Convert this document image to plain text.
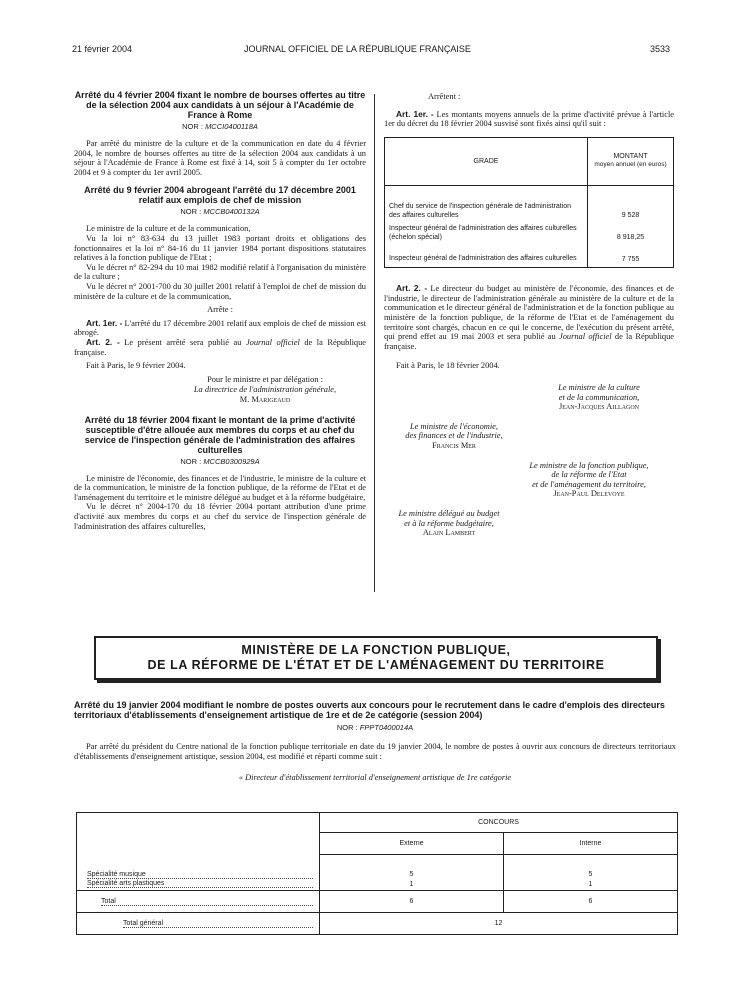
21 février 2004	JOURNAL OFFICIEL DE LA RÉPUBLIQUE FRANÇAISE	3533
Arrêté du 4 février 2004 fixant le nombre de bourses offertes au titre de la sélection 2004 aux candidats à un séjour à l'Académie de France à Rome
NOR : MCCI0400118A

Par arrêté du ministre de la culture et de la communication en date du 4 février 2004, le nombre de bourses offertes au titre de la sélection 2004 aux candidats à un séjour à l'Académie de France à Rome est fixé à 14, soit 5 à compter du 1er octobre 2004 et 9 à compter du 1er avril 2005.

Arrêté du 9 février 2004 abrogeant l'arrêté du 17 décembre 2001 relatif aux emplois de chef de mission
NOR : MCCB0400132A

Le ministre de la culture et de la communication,

Vu la loi n° 83-634 du 13 juillet 1983 portant droits et obligations des fonctionnaires et la loi n° 84-16 du 11 janvier 1984 portant dispositions statutaires relatives à la fonction publique de l'Etat ;

Vu le décret n° 82-294 du 10 mai 1982 modifié relatif à l'organisation du ministère de la culture ;

Vu le décret n° 2001-700 du 30 juillet 2001 relatif à l'emploi de chef de mission du ministère de la culture et de la communication,

Arrête :

Art. 1er. - L'arrêté du 17 décembre 2001 relatif aux emplois de chef de mission est abrogé.

Art. 2. - Le présent arrêté sera publié au Journal officiel de la République française.

Fait à Paris, le 9 février 2004.

Pour le ministre et par délégation :
La directrice de l'administration générale,
M. Marigeaud
Arrêté du 18 février 2004 fixant le montant de la prime d'activité susceptible d'être allouée aux membres du corps et au chef du service de l'inspection générale de l'administration des affaires culturelles
NOR : MCCB0300929A

Le ministre de l'économie, des finances et de l'industrie, le ministre de la culture et de la communication, le ministre de la fonction publique, de la réforme de l'Etat et de l'aménagement du territoire et le ministre délégué au budget et à la réforme budgétaire,

Vu le décret n° 2004-170 du 18 février 2004 portant attribution d'une prime d'activité aux membres du corps et au chef du service de l'inspection générale de l'administration des affaires culturelles,

Arrêtent :

Art. 1er. - Les montants moyens annuels de la prime d'activité prévue à l'article 1er du décret du 18 février 2004 susvisé sont fixés ainsi qu'il suit :

GRADE	MONTANT
moyen annuel (en euros)

Chef du service de l'inspection générale de l'administration des affaires culturelles	9 528
Inspecteur général de l'administration des affaires culturelles (échelon spécial)	8 918,25
Inspecteur général de l'administration des affaires culturelles	7 755

Art. 2. - Le directeur du budget au ministère de l'économie, des finances et de l'industrie, le directeur de l'administration générale au ministère de la culture et de la communication et le directeur général de l'administration et de la fonction publique au ministère de la fonction publique, de la réforme de l'Etat et de l'aménagement du territoire sont chargés, chacun en ce qui le concerne, de l'exécution du présent arrêté, qui prend effet au 19 mai 2003 et sera publié au Journal officiel de la République française.

Fait à Paris, le 18 février 2004.

Le ministre de la culture
et de la communication,
Jean-Jacques Aillagon
Le ministre de l'économie,
des finances et de l'industrie,
Francis Mer
Le ministre de la fonction publique,
de la réforme de l'Etat
et de l'aménagement du territoire,
Jean-Paul Delevoye
Le ministre délégué au budget
et à la réforme budgétaire,
Alain Lambert
MINISTÈRE DE LA FONCTION PUBLIQUE,
DE LA RÉFORME DE L'ÉTAT ET DE L'AMÉNAGEMENT DU TERRITOIRE
Arrêté du 19 janvier 2004 modifiant le nombre de postes ouverts aux concours pour le recrutement dans le cadre d'emplois des directeurs territoriaux d'établissements d'enseignement artistique de 1re et de 2e catégorie (session 2004)
NOR : FPPT0400014A

Par arrêté du président du Centre national de la fonction publique territoriale en date du 19 janvier 2004, le nombre de postes à ouvrir aux concours de directeurs territoriaux d'établissements d'enseignement artistique, session 2004, est modifié et réparti comme suit :

« Directeur d'établissement territorial d'enseignement artistique de 1re catégorie
	CONCOURS	
	Externe	Interne
Spécialité musique	5	5
Spécialité arts plastiques	1	1
Total	6	6
Total général	12	
